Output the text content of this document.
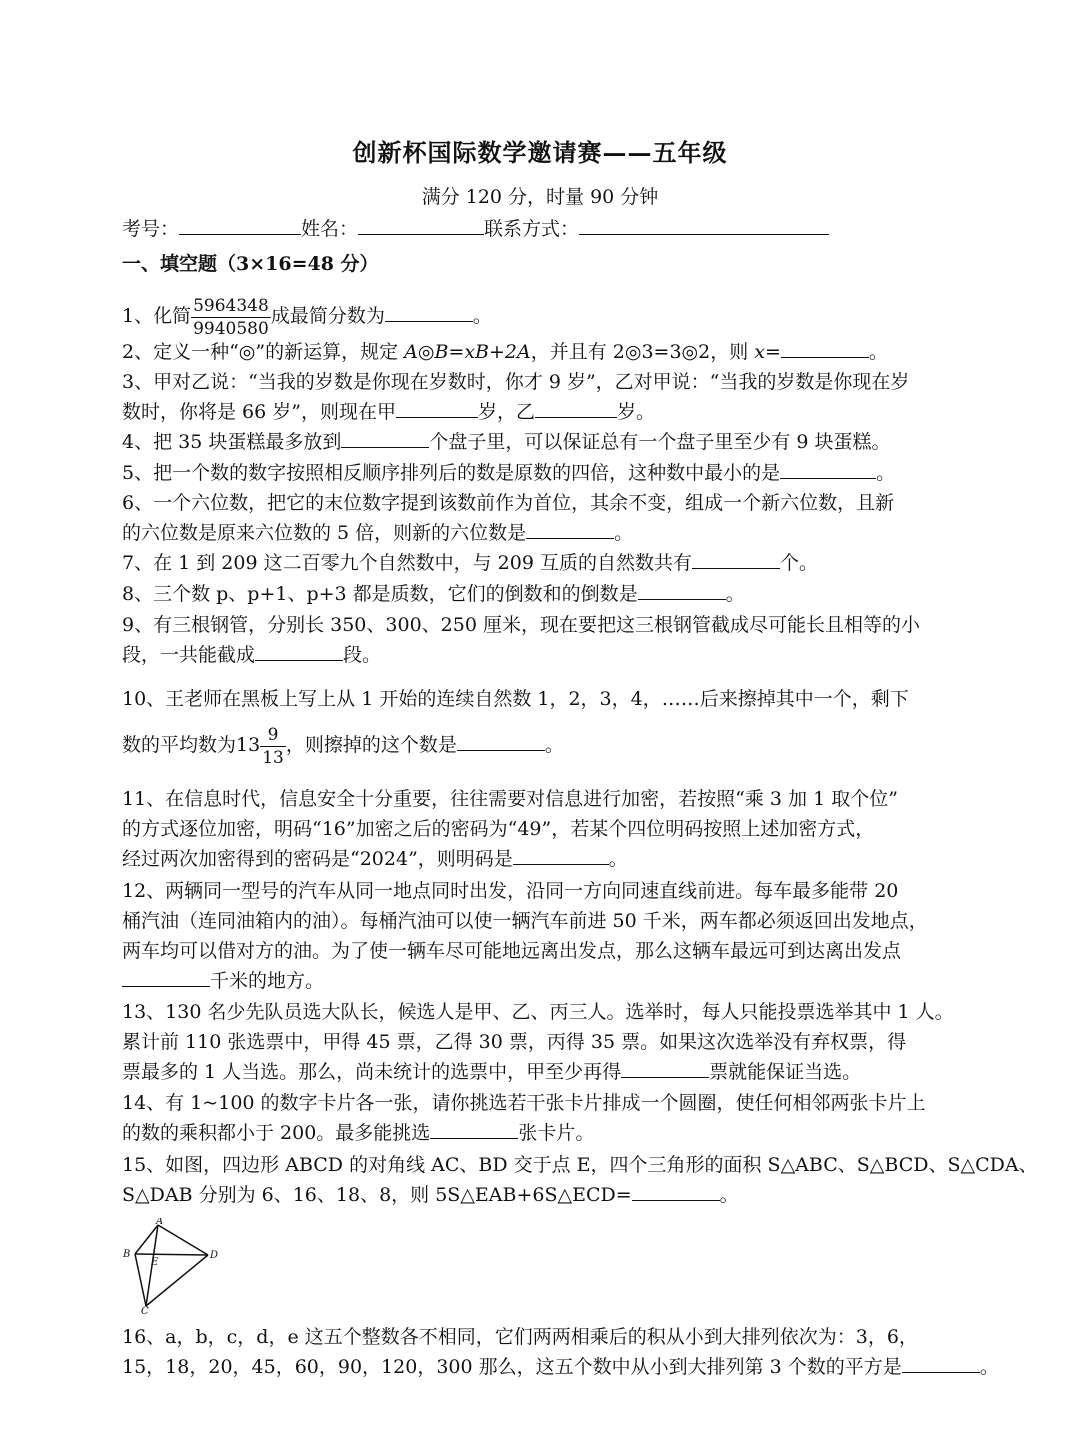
创新杯国际数学邀请赛——五年级
满分 120 分，时量 90 分钟
考号：	姓名：	联系方式：
一、填空题（3×16=48 分）
1、化简 $\frac{5964348}{9940580}$ 成最简分数为	。
2、定义一种“◎”的新运算，规定 A◎B=xB+2A，并且有 2◎3=3◎2，则 x=	。
3、甲对乙说：“当我的岁数是你现在岁数时，你才 9 岁”，乙对甲说：“当我的岁数是你现在岁
数时，你将是 66 岁”，则现在甲	岁，乙	岁。
4、把 35 块蛋糕最多放到	个盘子里，可以保证总有一个盘子里至少有 9 块蛋糕。
5、把一个数的数字按照相反顺序排列后的数是原数的四倍，这种数中最小的是	。
6、一个六位数，把它的末位数字提到该数前作为首位，其余不变，组成一个新六位数，且新
的六位数是原来六位数的 5 倍，则新的六位数是	。
7、在 1 到 209 这二百零九个自然数中，与 209 互质的自然数共有	个。
8、三个数 p、p+1、p+3 都是质数，它们的倒数和的倒数是	。
9、有三根钢管，分别长 350、300、250 厘米，现在要把这三根钢管截成尽可能长且相等的小
段，一共能截成	段。
10、王老师在黑板上写上从 1 开始的连续自然数 1，2，3，4，……后来擦掉其中一个，剩下
数的平均数为$13 \frac{9}{13}$ ，则擦掉的这个数是	。
11、在信息时代，信息安全十分重要，往往需要对信息进行加密，若按照“乘 3 加 1 取个位”
的方式逐位加密，明码“16”加密之后的密码为“49”，若某个四位明码按照上述加密方式，
经过两次加密得到的密码是“2024”，则明码是	。
12、两辆同一型号的汽车从同一地点同时出发，沿同一方向同速直线前进。每车最多能带 20
桶汽油（连同油箱内的油）。每桶汽油可以使一辆汽车前进 50 千米，两车都必须返回出发地点，
两车均可以借对方的油。为了使一辆车尽可能地远离出发点，那么这辆车最远可到达离出发点
千米的地方。
13、130 名少先队员选大队长，候选人是甲、乙、丙三人。选举时，每人只能投票选举其中 1 人。
累计前 110 张选票中，甲得 45 票，乙得 30 票，丙得 35 票。如果这次选举没有弃权票，得
票最多的 1 人当选。那么，尚未统计的选票中，甲至少再得	票就能保证当选。
14、有 1~100 的数字卡片各一张，请你挑选若干张卡片排成一个圆圈，使任何相邻两张卡片上
的数的乘积都小于 200。最多能挑选	张卡片。
15、如图，四边形 ABCD 的对角线 AC、BD 交于点 E，四个三角形的面积 S△ABC、S△BCD、S△CDA、
S△DAB 分别为 6、16、18、8，则 5S△EAB+6S△ECD=	。
A
B
C
D
E
16、a，b，c，d，e 这五个整数各不相同，它们两两相乘后的积从小到大排列依次为：3，6，
15，18，20，45，60，90，120，300 那么，这五个数中从小到大排列第 3 个数的平方是	。
